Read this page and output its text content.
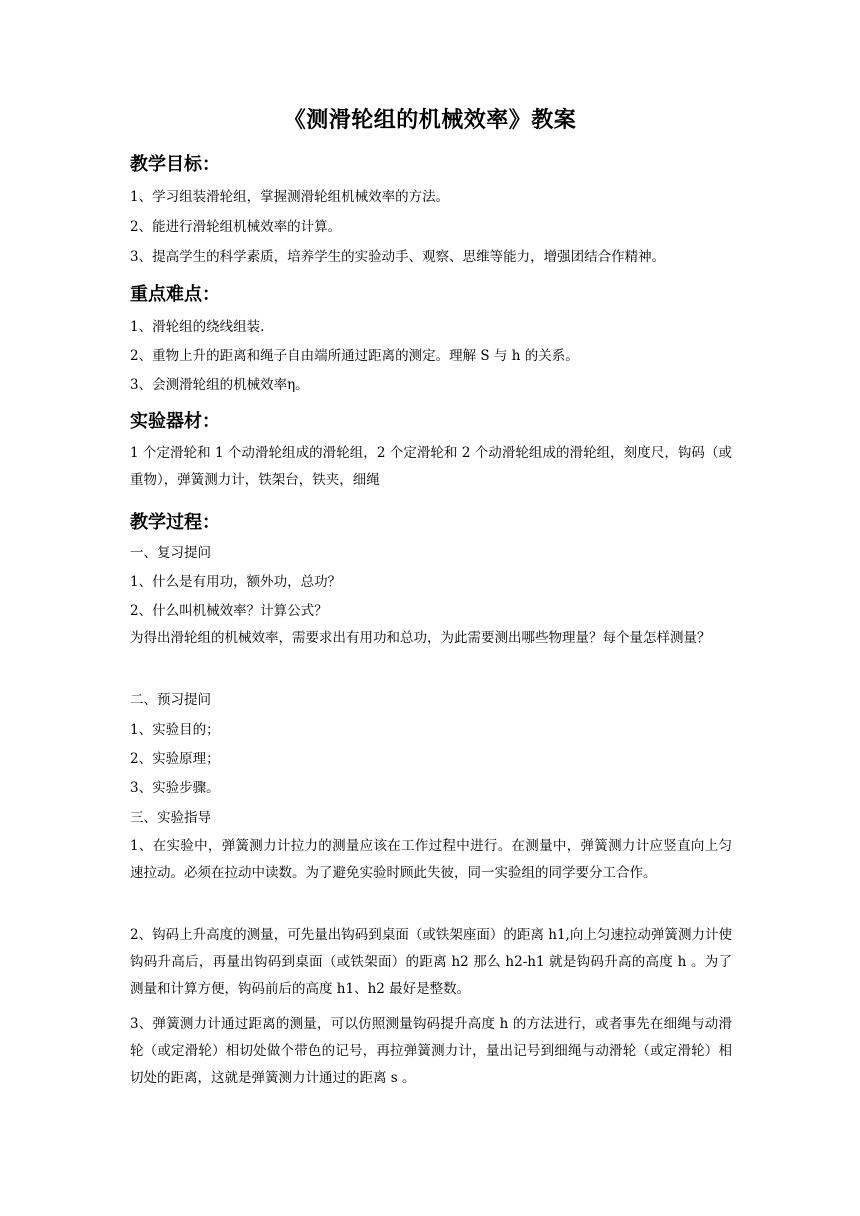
《测滑轮组的机械效率》教案
教学目标：
1、学习组装滑轮组，掌握测滑轮组机械效率的方法。
2、能进行滑轮组机械效率的计算。
3、提高学生的科学素质，培养学生的实验动手、观察、思维等能力，增强团结合作精神。
重点难点：
1、滑轮组的绕线组装.
2、重物上升的距离和绳子自由端所通过距离的测定。理解 S 与 h 的关系。
3、会测滑轮组的机械效率η。
实验器材：
1 个定滑轮和 1 个动滑轮组成的滑轮组，2 个定滑轮和 2 个动滑轮组成的滑轮组，刻度尺，钩码（或重物），弹簧测力计，铁架台，铁夹，细绳
教学过程：
一、复习提问
1、什么是有用功，额外功，总功？
2、什么叫机械效率？计算公式？
为得出滑轮组的机械效率，需要求出有用功和总功，为此需要测出哪些物理量？每个量怎样测量？
二、预习提问
1、实验目的；
2、实验原理；
3、实验步骤。
三、实验指导
1、在实验中，弹簧测力计拉力的测量应该在工作过程中进行。在测量中，弹簧测力计应竖直向上匀速拉动。必须在拉动中读数。为了避免实验时顾此失彼，同一实验组的同学要分工合作。
2、钩码上升高度的测量，可先量出钩码到桌面（或铁架座面）的距离 h1,向上匀速拉动弹簧测力计使钩码升高后，再量出钩码到桌面（或铁架面）的距离 h2 那么 h2-h1 就是钩码升高的高度 h 。为了测量和计算方便，钩码前后的高度 h1、h2 最好是整数。
3、弹簧测力计通过距离的测量，可以仿照测量钩码提升高度 h 的方法进行，或者事先在细绳与动滑轮（或定滑轮）相切处做个带色的记号，再拉弹簧测力计，量出记号到细绳与动滑轮（或定滑轮）相切处的距离，这就是弹簧测力计通过的距离 s 。
